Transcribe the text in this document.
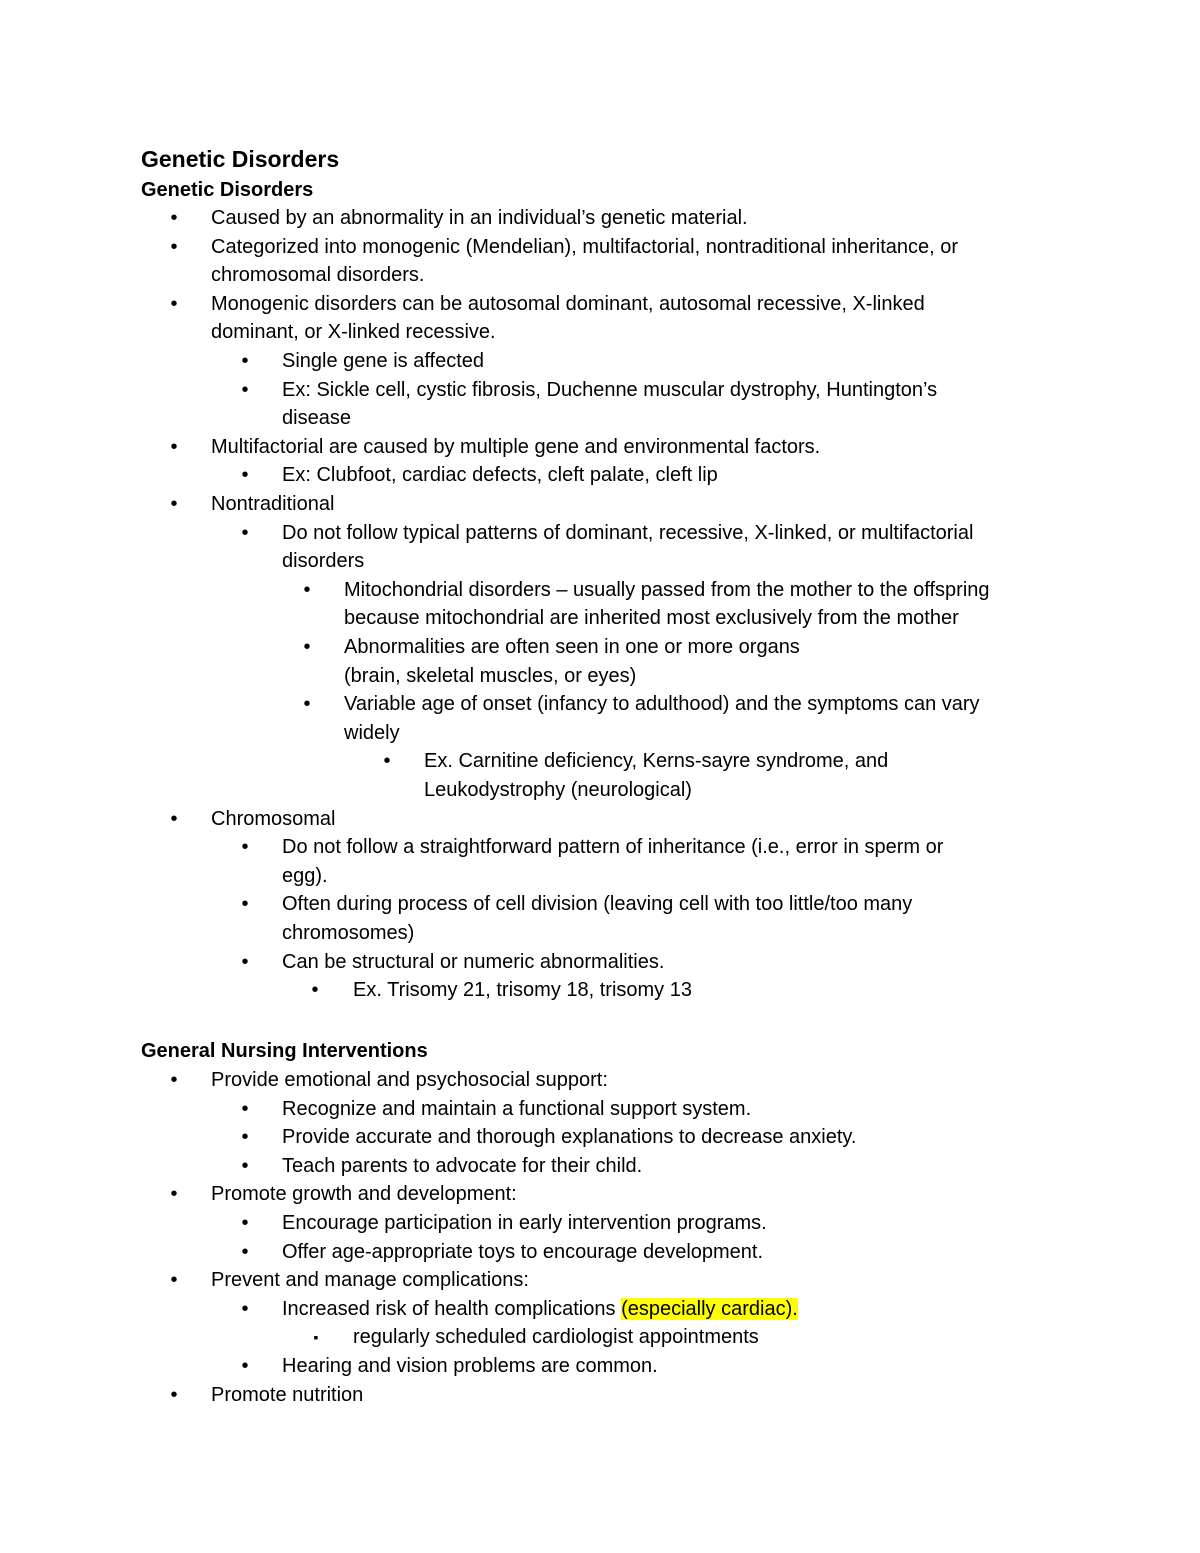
Genetic Disorders
Genetic Disorders
General Nursing Interventions
•	Caused by an abnormality in an individual’s genetic material.
•	Categorized into monogenic (Mendelian), multifactorial, nontraditional inheritance, or
chromosomal disorders.
•	Monogenic disorders can be autosomal dominant, autosomal recessive, X-linked
dominant, or X-linked recessive.
•	Single gene is affected
•	Ex: Sickle cell, cystic fibrosis, Duchenne muscular dystrophy, Huntington’s
disease
•	Multifactorial are caused by multiple gene and environmental factors.
•	Ex: Clubfoot, cardiac defects, cleft palate, cleft lip
•	Nontraditional
•	Do not follow typical patterns of dominant, recessive, X-linked, or multifactorial
disorders
•	Mitochondrial disorders – usually passed from the mother to the offspring
because mitochondrial are inherited most exclusively from the mother
•	Abnormalities are often seen in one or more organs
(brain, skeletal muscles, or eyes)
•	Variable age of onset (infancy to adulthood) and the symptoms can vary
widely
•	Ex. Carnitine deficiency, Kerns-sayre syndrome, and
Leukodystrophy (neurological)
•	Chromosomal
•	Do not follow a straightforward pattern of inheritance (i.e., error in sperm or
egg).
•	Often during process of cell division (leaving cell with too little/too many
chromosomes)
•	Can be structural or numeric abnormalities.
•	Ex. Trisomy 21, trisomy 18, trisomy 13
•	Provide emotional and psychosocial support:
•	Recognize and maintain a functional support system.
•	Provide accurate and thorough explanations to decrease anxiety.
•	Teach parents to advocate for their child.
•	Promote growth and development:
•	Encourage participation in early intervention programs.
•	Offer age-appropriate toys to encourage development.
•	Prevent and manage complications:
•	Increased risk of health complications (especially cardiac).
▪	regularly scheduled cardiologist appointments
•	Hearing and vision problems are common.
•	Promote nutrition
